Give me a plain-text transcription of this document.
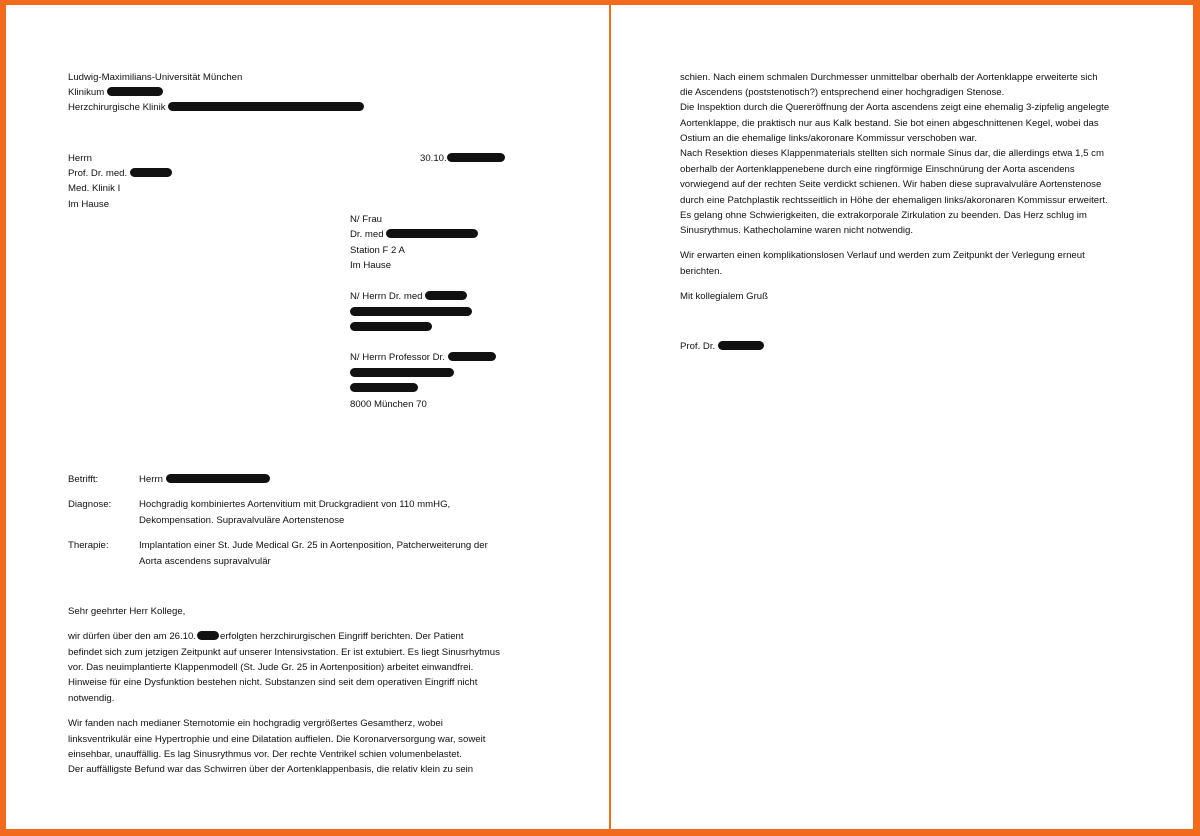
Ludwig-Maximilians-Universität München
Klinikum
Herzchirurgische Klinik
Herrn
Prof. Dr. med.
Med. Klinik I
Im Hause
30.10.
N/ Frau
Dr. med
Station F 2 A
Im Hause
N/ Herrn Dr. med
N/ Herrn Professor Dr.
8000 München 70
Betrifft:	Herrn
Diagnose:	Hochgradig kombiniertes Aortenvitium mit Druckgradient von 110 mmHG,
Dekompensation. Supravalvuläre Aortenstenose
Therapie:	Implantation einer St. Jude Medical Gr. 25 in Aortenposition, Patcherweiterung der
Aorta ascendens supravalvulär
Sehr geehrter Herr Kollege,
wir dürfen über den am 26.10.	erfolgten herzchirurgischen Eingriff berichten. Der Patient
befindet sich zum jetzigen Zeitpunkt auf unserer Intensivstation. Er ist extubiert. Es liegt Sinusrhytmus
vor. Das neuimplantierte Klappenmodell (St. Jude Gr. 25 in Aortenposition) arbeitet einwandfrei.
Hinweise für eine Dysfunktion bestehen nicht. Substanzen sind seit dem operativen Eingriff nicht
notwendig.
Wir fanden nach medianer Sternotomie ein hochgradig vergrößertes Gesamtherz, wobei
linksventrikulär eine Hypertrophie und eine Dilatation auffielen. Die Koronarversorgung war, soweit
einsehbar, unauffällig. Es lag Sinusrythmus vor. Der rechte Ventrikel schien volumenbelastet.
Der auffälligste Befund war das Schwirren über der Aortenklappenbasis, die relativ klein zu sein
schien. Nach einem schmalen Durchmesser unmittelbar oberhalb der Aortenklappe erweiterte sich
die Ascendens (poststenotisch?) entsprechend einer hochgradigen Stenose.
Die Inspektion durch die Quereröffnung der Aorta ascendens zeigt eine ehemalig 3-zipfelig angelegte
Aortenklappe, die praktisch nur aus Kalk bestand. Sie bot einen abgeschnittenen Kegel, wobei das
Ostium an die ehemalige links/akoronare Kommissur verschoben war.
Nach Resektion dieses Klappenmaterials stellten sich normale Sinus dar, die allerdings etwa 1,5 cm
oberhalb der Aortenklappenebene durch eine ringförmige Einschnürung der Aorta ascendens
vorwiegend auf der rechten Seite verdickt schienen. Wir haben diese supravalvuläre Aortenstenose
durch eine Patchplastik rechtsseitlich in Höhe der ehemaligen links/akoronaren Kommissur erweitert.
Es gelang ohne Schwierigkeiten, die extrakorporale Zirkulation zu beenden. Das Herz schlug im
Sinusrythmus. Kathecholamine waren nicht notwendig.
Wir erwarten einen komplikationslosen Verlauf und werden zum Zeitpunkt der Verlegung erneut
berichten.
Mit kollegialem Gruß
Prof. Dr.
